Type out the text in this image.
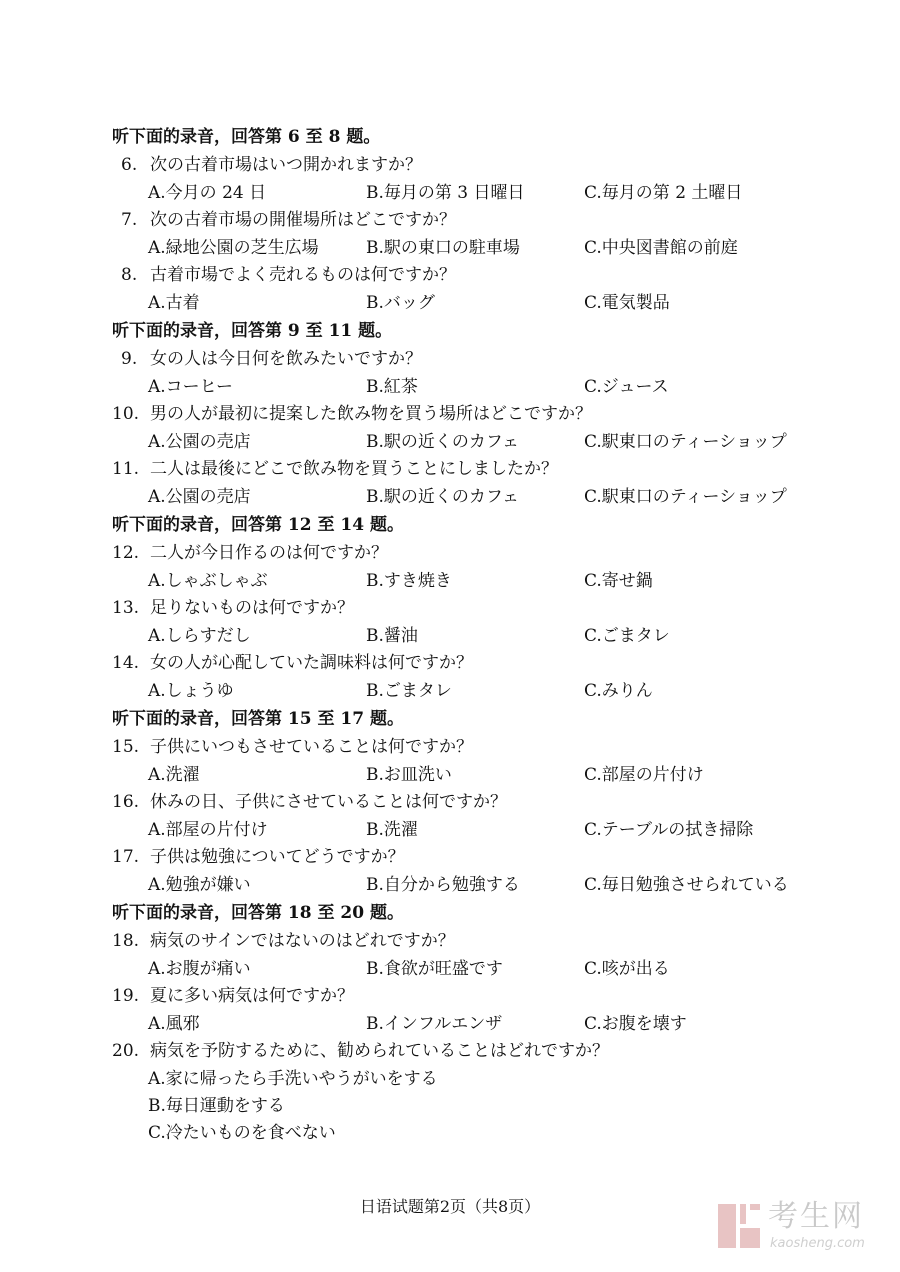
听下面的录音，回答第 6 至 8 题。
6. 次の古着市場はいつ開かれますか？
A.今月の 24 日	B.毎月の第 3 日曜日	C.毎月の第 2 土曜日
7. 次の古着市場の開催場所はどこですか？
A.緑地公園の芝生広場	B.駅の東口の駐車場	C.中央図書館の前庭
8. 古着市場でよく売れるものは何ですか？
A.古着	B.バッグ	C.電気製品
听下面的录音，回答第 9 至 11 题。
9. 女の人は今日何を飲みたいですか？
A.コーヒー	B.紅茶	C.ジュース
10. 男の人が最初に提案した飲み物を買う場所はどこですか？
A.公園の売店	B.駅の近くのカフェ	C.駅東口のティーショップ
11. 二人は最後にどこで飲み物を買うことにしましたか？
A.公園の売店	B.駅の近くのカフェ	C.駅東口のティーショップ
听下面的录音，回答第 12 至 14 题。
12. 二人が今日作るのは何ですか？
A.しゃぶしゃぶ	B.すき焼き	C.寄せ鍋
13. 足りないものは何ですか？
A.しらすだし	B.醤油	C.ごまタレ
14. 女の人が心配していた調味料は何ですか？
A.しょうゆ	B.ごまタレ	C.みりん
听下面的录音，回答第 15 至 17 题。
15. 子供にいつもさせていることは何ですか？
A.洗濯	B.お皿洗い	C.部屋の片付け
16. 休みの日、子供にさせていることは何ですか？
A.部屋の片付け	B.洗濯	C.テーブルの拭き掃除
17. 子供は勉強についてどうですか？
A.勉強が嫌い	B.自分から勉強する	C.毎日勉強させられている
听下面的录音，回答第 18 至 20 题。
18. 病気のサインではないのはどれですか？
A.お腹が痛い	B.食欲が旺盛です	C.咳が出る
19. 夏に多い病気は何ですか？
A.風邪	B.インフルエンザ	C.お腹を壊す
20. 病気を予防するために、勧められていることはどれですか？
A.家に帰ったら手洗いやうがいをする
B.毎日運動をする
C.冷たいものを食べない
日语试题第2页（共8页）	考生网
kaosheng.com
